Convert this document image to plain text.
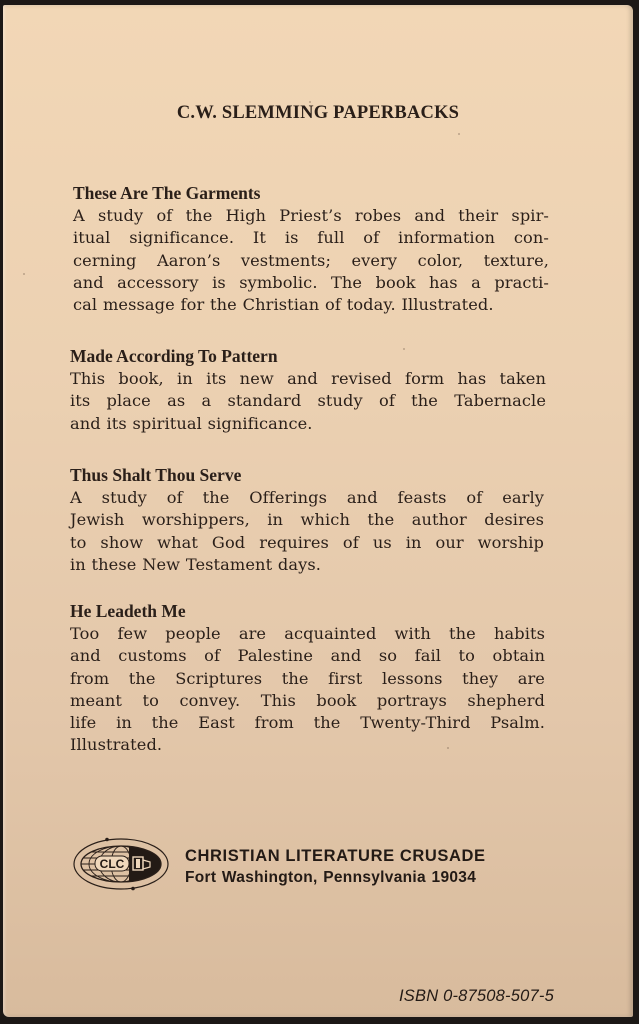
C.W. SLEMMING PAPERBACKS
These Are The Garments
A study of the High Priest’s robes and their spir-
itual significance. It is full of information con-
cerning Aaron’s vestments; every color, texture,
and accessory is symbolic. The book has a practi-
cal message for the Christian of today. Illustrated.
Made According To Pattern
This book, in its new and revised form has taken
its place as a standard study of the Tabernacle
and its spiritual significance.
Thus Shalt Thou Serve
A study of the Offerings and feasts of early
Jewish worshippers, in which the author desires
to show what God requires of us in our worship
in these New Testament days.
He Leadeth Me
Too few people are acquainted with the habits
and customs of Palestine and so fail to obtain
from the Scriptures the first lessons they are
meant to convey. This book portrays shepherd
life in the East from the Twenty-Third Psalm.
Illustrated.
CLC	CHRISTIAN LITERATURE CRUSADE
Fort Washington, Pennsylvania 19034
ISBN 0-87508-507-5
